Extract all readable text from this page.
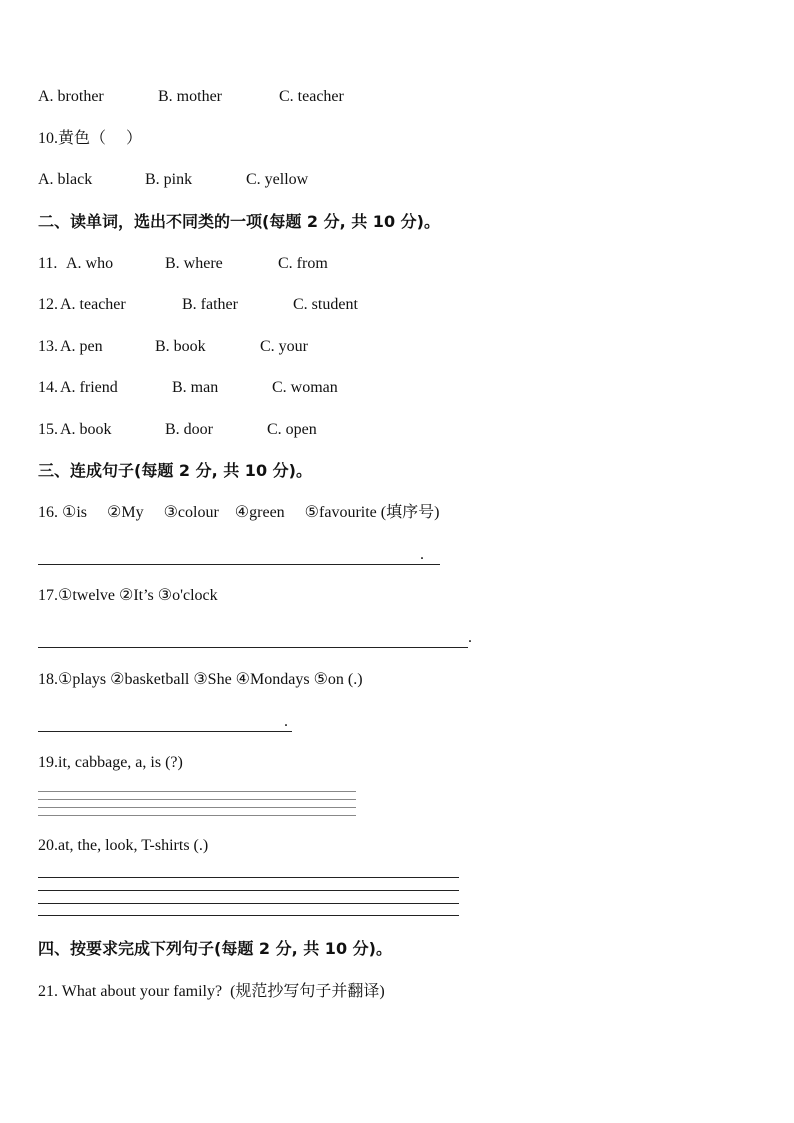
A. brother	B. mother	C. teacher
10.黄色（　 ）
A. black	B. pink	C. yellow
二、读单词，选出不同类的一项(每题 2 分, 共 10 分)。
11. A. who	B. where	C. from
12. A. teacher	B. father	C. student
13. A. pen	B. book	C. your
14. A. friend	B. man	C. woman
15. A. book	B. door	C. open
三、连成句子(每题 2 分, 共 10 分)。
16. ①is　 ②My　 ③colour　④green　 ⑤favourite (填序号)
.
17.①twelve ②It’s ③o'clock
.
18.①plays ②basketball ③She ④Mondays ⑤on (.)
.
19.it, cabbage, a, is (?)
20.at, the, look, T-shirts (.)
四、按要求完成下列句子(每题 2 分, 共 10 分)。
21. What about your family?  (规范抄写句子并翻译)
